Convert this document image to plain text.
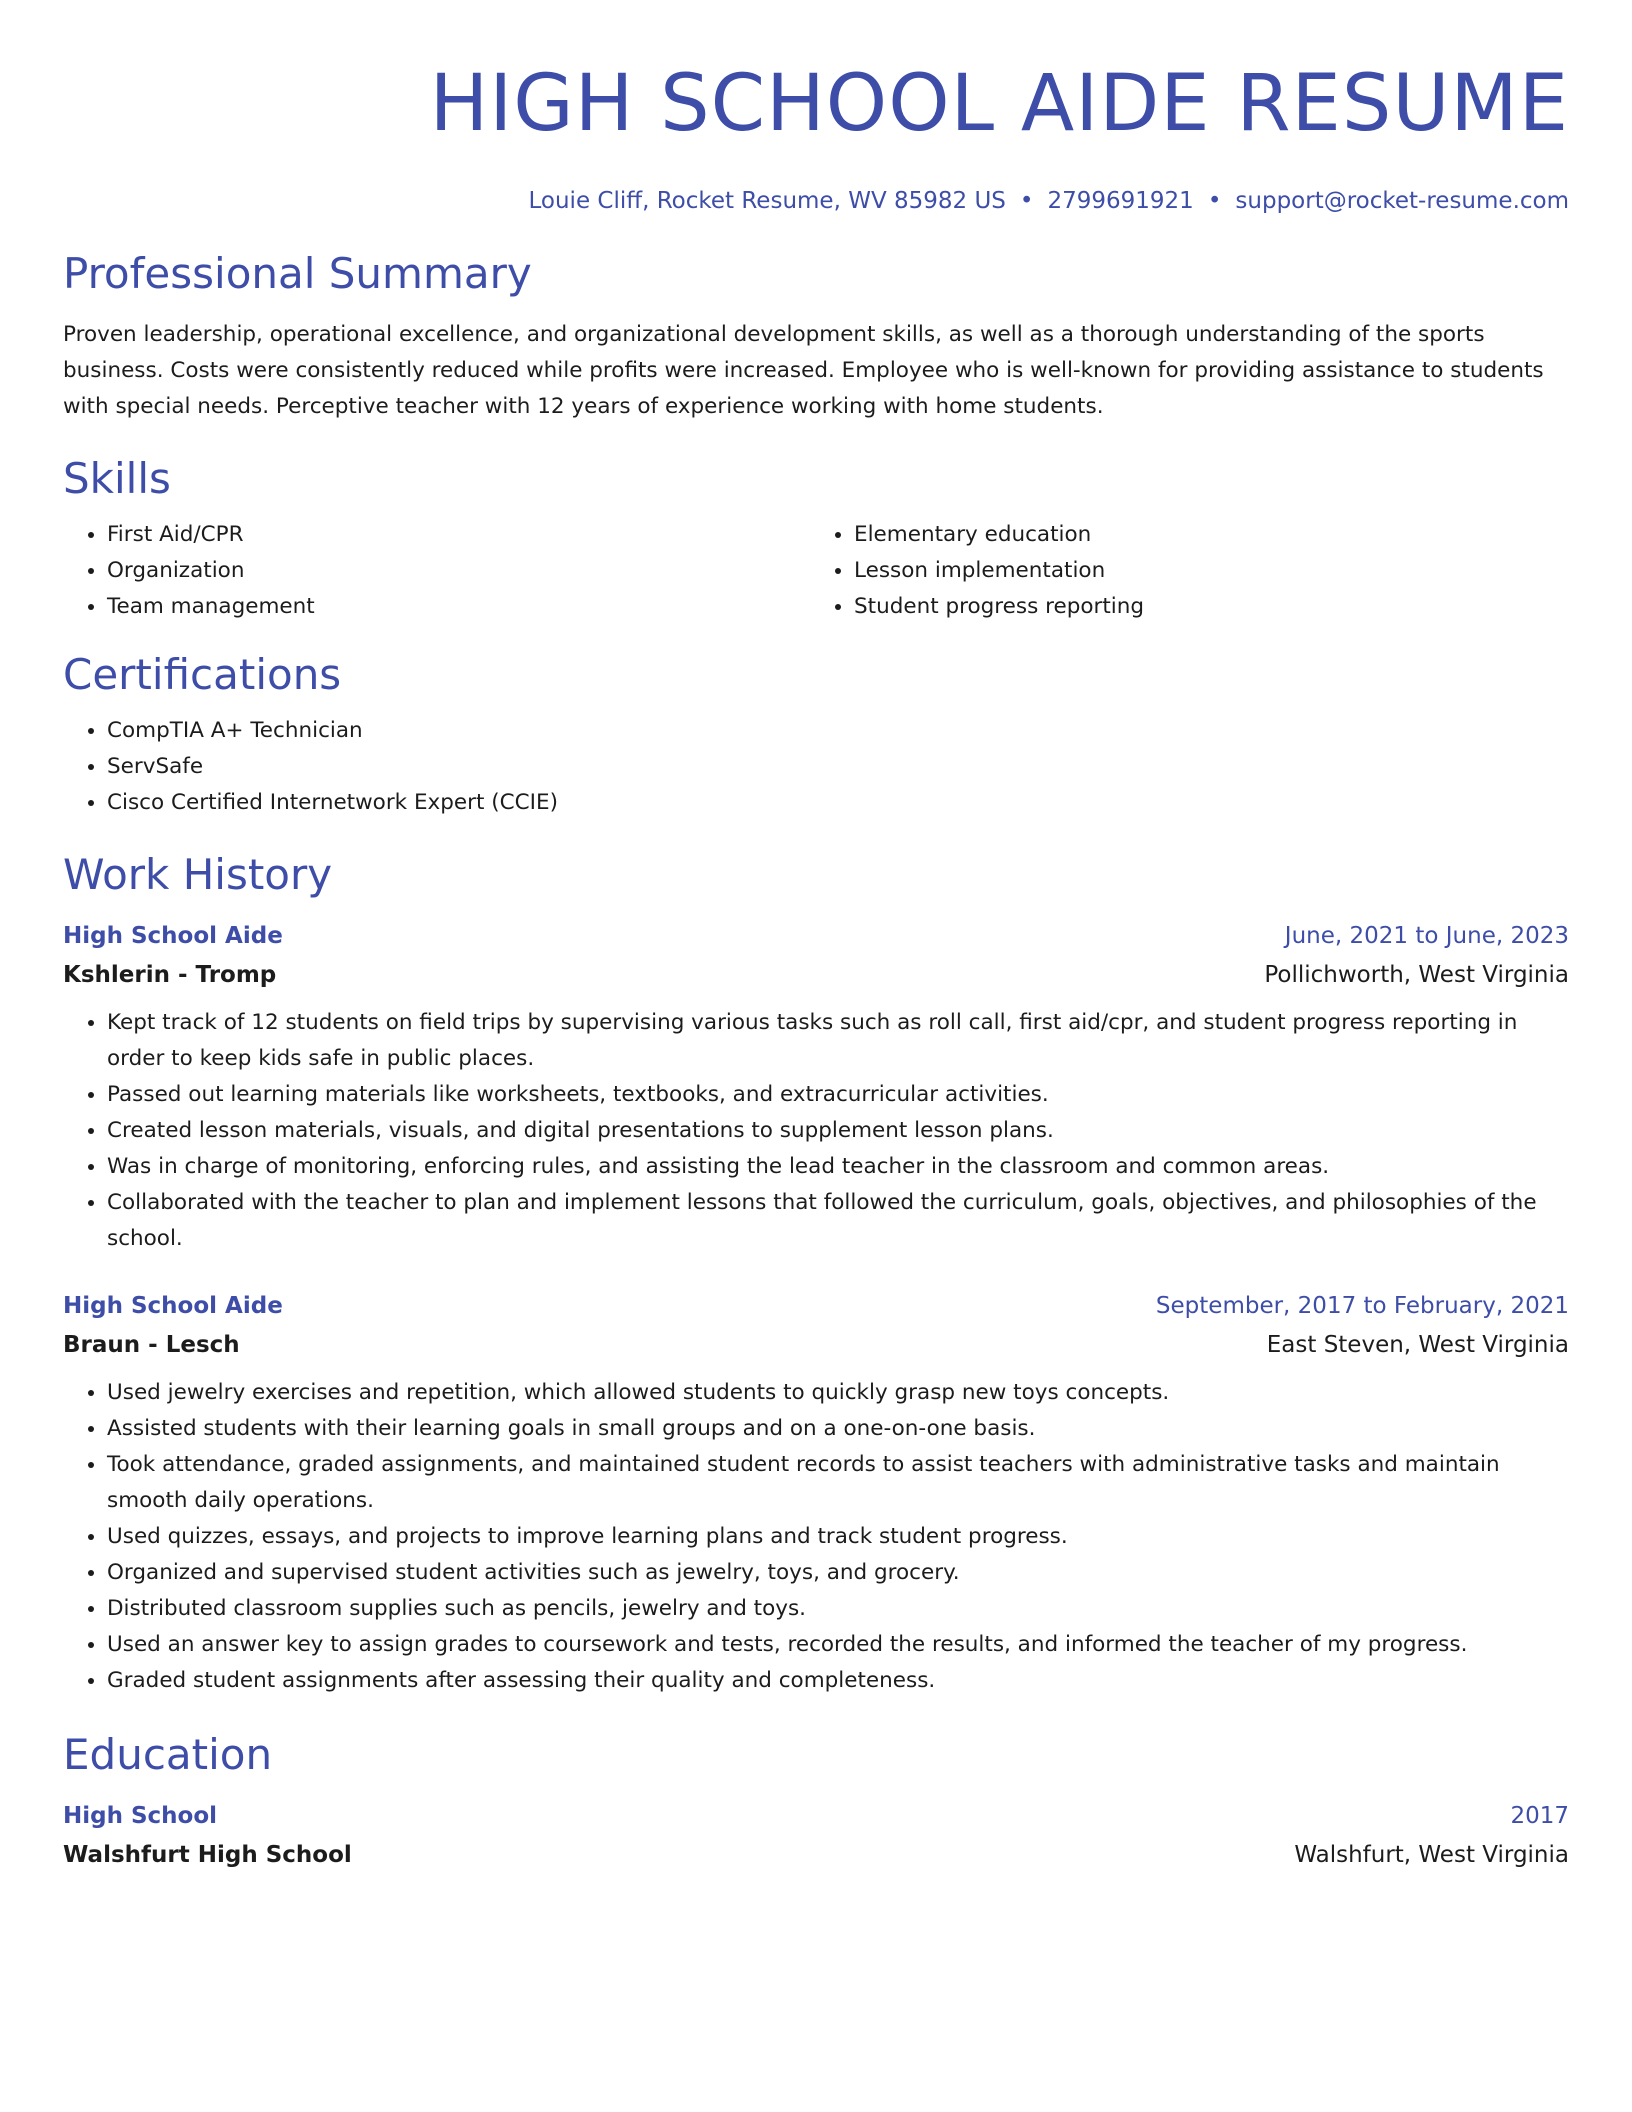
HIGH SCHOOL AIDE RESUME
Louie Cliff, Rocket Resume, WV 85982 US • 2799691921 • support@rocket-resume.com
Professional Summary

Proven leadership, operational excellence, and organizational development skills, as well as a thorough understanding of the sports business. Costs were consistently reduced while profits were increased. Employee who is well-known for providing assistance to students with special needs. Perceptive teacher with 12 years of experience working with home students.

Skills
• First Aid/CPR
• Organization
• Team management
• Elementary education
• Lesson implementation
• Student progress reporting
Certifications
• CompTIA A+ Technician
• ServSafe
• Cisco Certified Internetwork Expert (CCIE)
Work History
High School Aide	June, 2021 to June, 2023
Kshlerin - Tromp	Pollichworth, West Virginia
• Kept track of 12 students on field trips by supervising various tasks such as roll call, first aid/cpr, and student progress reporting in order to keep kids safe in public places.
• Passed out learning materials like worksheets, textbooks, and extracurricular activities.
• Created lesson materials, visuals, and digital presentations to supplement lesson plans.
• Was in charge of monitoring, enforcing rules, and assisting the lead teacher in the classroom and common areas.
• Collaborated with the teacher to plan and implement lessons that followed the curriculum, goals, objectives, and philosophies of the school.
High School Aide	September, 2017 to February, 2021
Braun - Lesch	East Steven, West Virginia
• Used jewelry exercises and repetition, which allowed students to quickly grasp new toys concepts.
• Assisted students with their learning goals in small groups and on a one-on-one basis.
• Took attendance, graded assignments, and maintained student records to assist teachers with administrative tasks and maintain smooth daily operations.
• Used quizzes, essays, and projects to improve learning plans and track student progress.
• Organized and supervised student activities such as jewelry, toys, and grocery.
• Distributed classroom supplies such as pencils, jewelry and toys.
• Used an answer key to assign grades to coursework and tests, recorded the results, and informed the teacher of my progress.
• Graded student assignments after assessing their quality and completeness.
Education
High School	2017
Walshfurt High School	Walshfurt, West Virginia
